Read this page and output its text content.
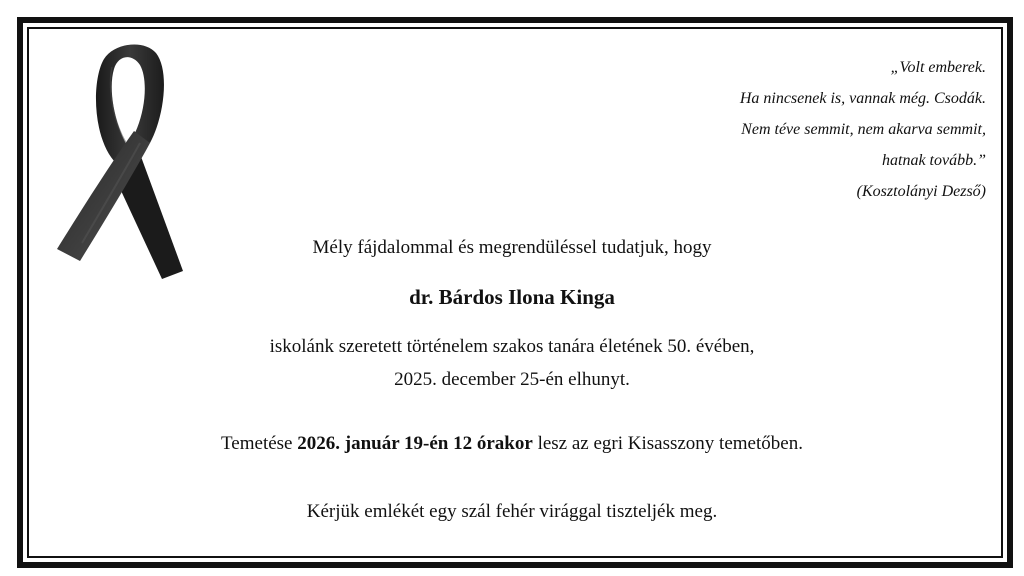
„Volt emberek.
Ha nincsenek is, vannak még. Csodák.
Nem téve semmit, nem akarva semmit,
hatnak tovább.”
(Kosztolányi Dezső)
Mély fájdalommal és megrendüléssel tudatjuk, hogy
dr. Bárdos Ilona Kinga
iskolánk szeretett történelem szakos tanára életének 50. évében,
2025. december 25-én elhunyt.
Temetése 2026. január 19-én 12 órakor lesz az egri Kisasszony temetőben.
Kérjük emlékét egy szál fehér virággal tiszteljék meg.
